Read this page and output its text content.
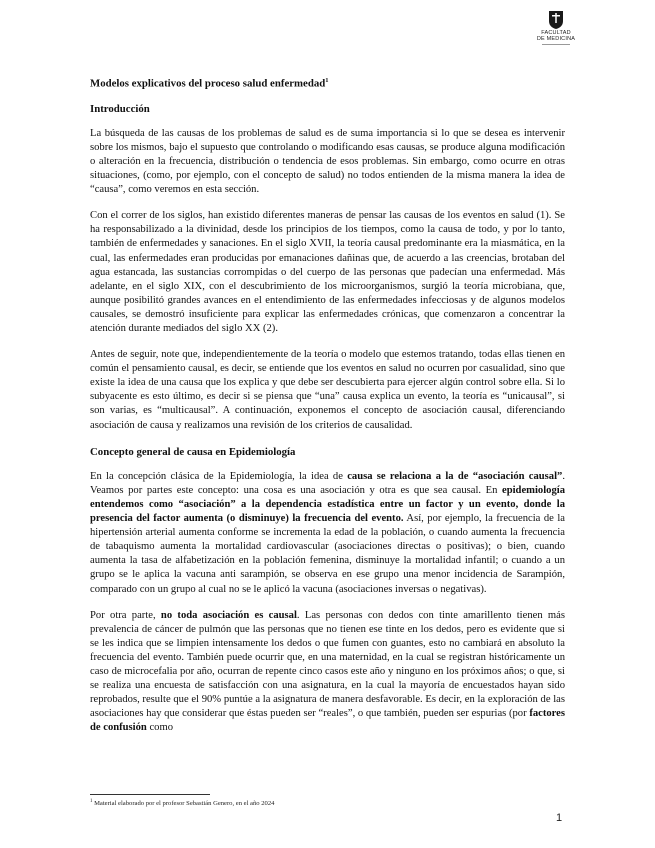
FACULTAD
DE MEDICINA
Modelos explicativos del proceso salud enfermedad$^1$
Introducción

La búsqueda de las causas de los problemas de salud es de suma importancia si lo que se desea es intervenir sobre los mismos, bajo el supuesto que controlando o modificando esas causas, se produce alguna modificación o alteración en la frecuencia, distribución o tendencia de esos problemas. Sin embargo, como ocurre en otras situaciones, (como, por ejemplo, con el concepto de salud) no todos entienden de la misma manera la idea de “causa”, como veremos en esta sección.

Con el correr de los siglos, han existido diferentes maneras de pensar las causas de los eventos en salud (1). Se ha responsabilizado a la divinidad, desde los principios de los tiempos, como la causa de todo, y por lo tanto, también de enfermedades y sanaciones. En el siglo XVII, la teoría causal predominante era la miasmática, en la cual, las enfermedades eran producidas por emanaciones dañinas que, de acuerdo a las creencias, brotaban del agua estancada, las sustancias corrompidas o del cuerpo de las personas que padecían una enfermedad. Más adelante, en el siglo XIX, con el descubrimiento de los microorganismos, surgió la teoría microbiana, que, aunque posibilitó grandes avances en el entendimiento de las enfermedades infecciosas y de algunos modelos causales, se demostró insuficiente para explicar las enfermedades crónicas, que comenzaron a concentrar la atención durante mediados del siglo XX (2).

Antes de seguir, note que, independientemente de la teoría o modelo que estemos tratando, todas ellas tienen en común el pensamiento causal, es decir, se entiende que los eventos en salud no ocurren por casualidad, sino que existe la idea de una causa que los explica y que debe ser descubierta para ejercer algún control sobre ella. Si lo subyacente es esto último, es decir si se piensa que “una” causa explica un evento, la teoría es “unicausal”, si son varias, es “multicausal”. A continuación, exponemos el concepto de asociación causal, diferenciando asociación de causa y realizamos una revisión de los criterios de causalidad.

Concepto general de causa en Epidemiología

En la concepción clásica de la Epidemiología, la idea de causa se relaciona a la de “asociación causal”. Veamos por partes este concepto: una cosa es una asociación y otra es que sea causal. En epidemiología entendemos como “asociación” a la dependencia estadística entre un factor y un evento, donde la presencia del factor aumenta (o disminuye) la frecuencia del evento. Así, por ejemplo, la frecuencia de la hipertensión arterial aumenta conforme se incrementa la edad de la población, o cuando aumenta la frecuencia de tabaquismo aumenta la mortalidad cardiovascular (asociaciones directas o positivas); o bien, cuando aumenta la tasa de alfabetización en la población femenina, disminuye la mortalidad infantil; o cuando a un grupo se le aplica la vacuna anti sarampión, se observa en ese grupo una menor incidencia de Sarampión, comparado con un grupo al cual no se le aplicó la vacuna (asociaciones inversas o negativas).

Por otra parte, no toda asociación es causal. Las personas con dedos con tinte amarillento tienen más prevalencia de cáncer de pulmón que las personas que no tienen ese tinte en los dedos, pero es evidente que si se les indica que se limpien intensamente los dedos o que fumen con guantes, esto no cambiará en absoluto la frecuencia del evento. También puede ocurrir que, en una maternidad, en la cual se registran históricamente un caso de microcefalia por año, ocurran de repente cinco casos este año y ninguno en los próximos años; o que, si se realiza una encuesta de satisfacción con una asignatura, en la cual la mayoría de encuestados hayan sido reprobados, resulte que el 90% puntúe a la asignatura de manera desfavorable. Es decir, en la exploración de las asociaciones hay que considerar que éstas pueden ser “reales”, o que también, pueden ser espurias (por factores de confusión como

$^1$ Material elaborado por el profesor Sebastián Genero, en el año 2024
1
